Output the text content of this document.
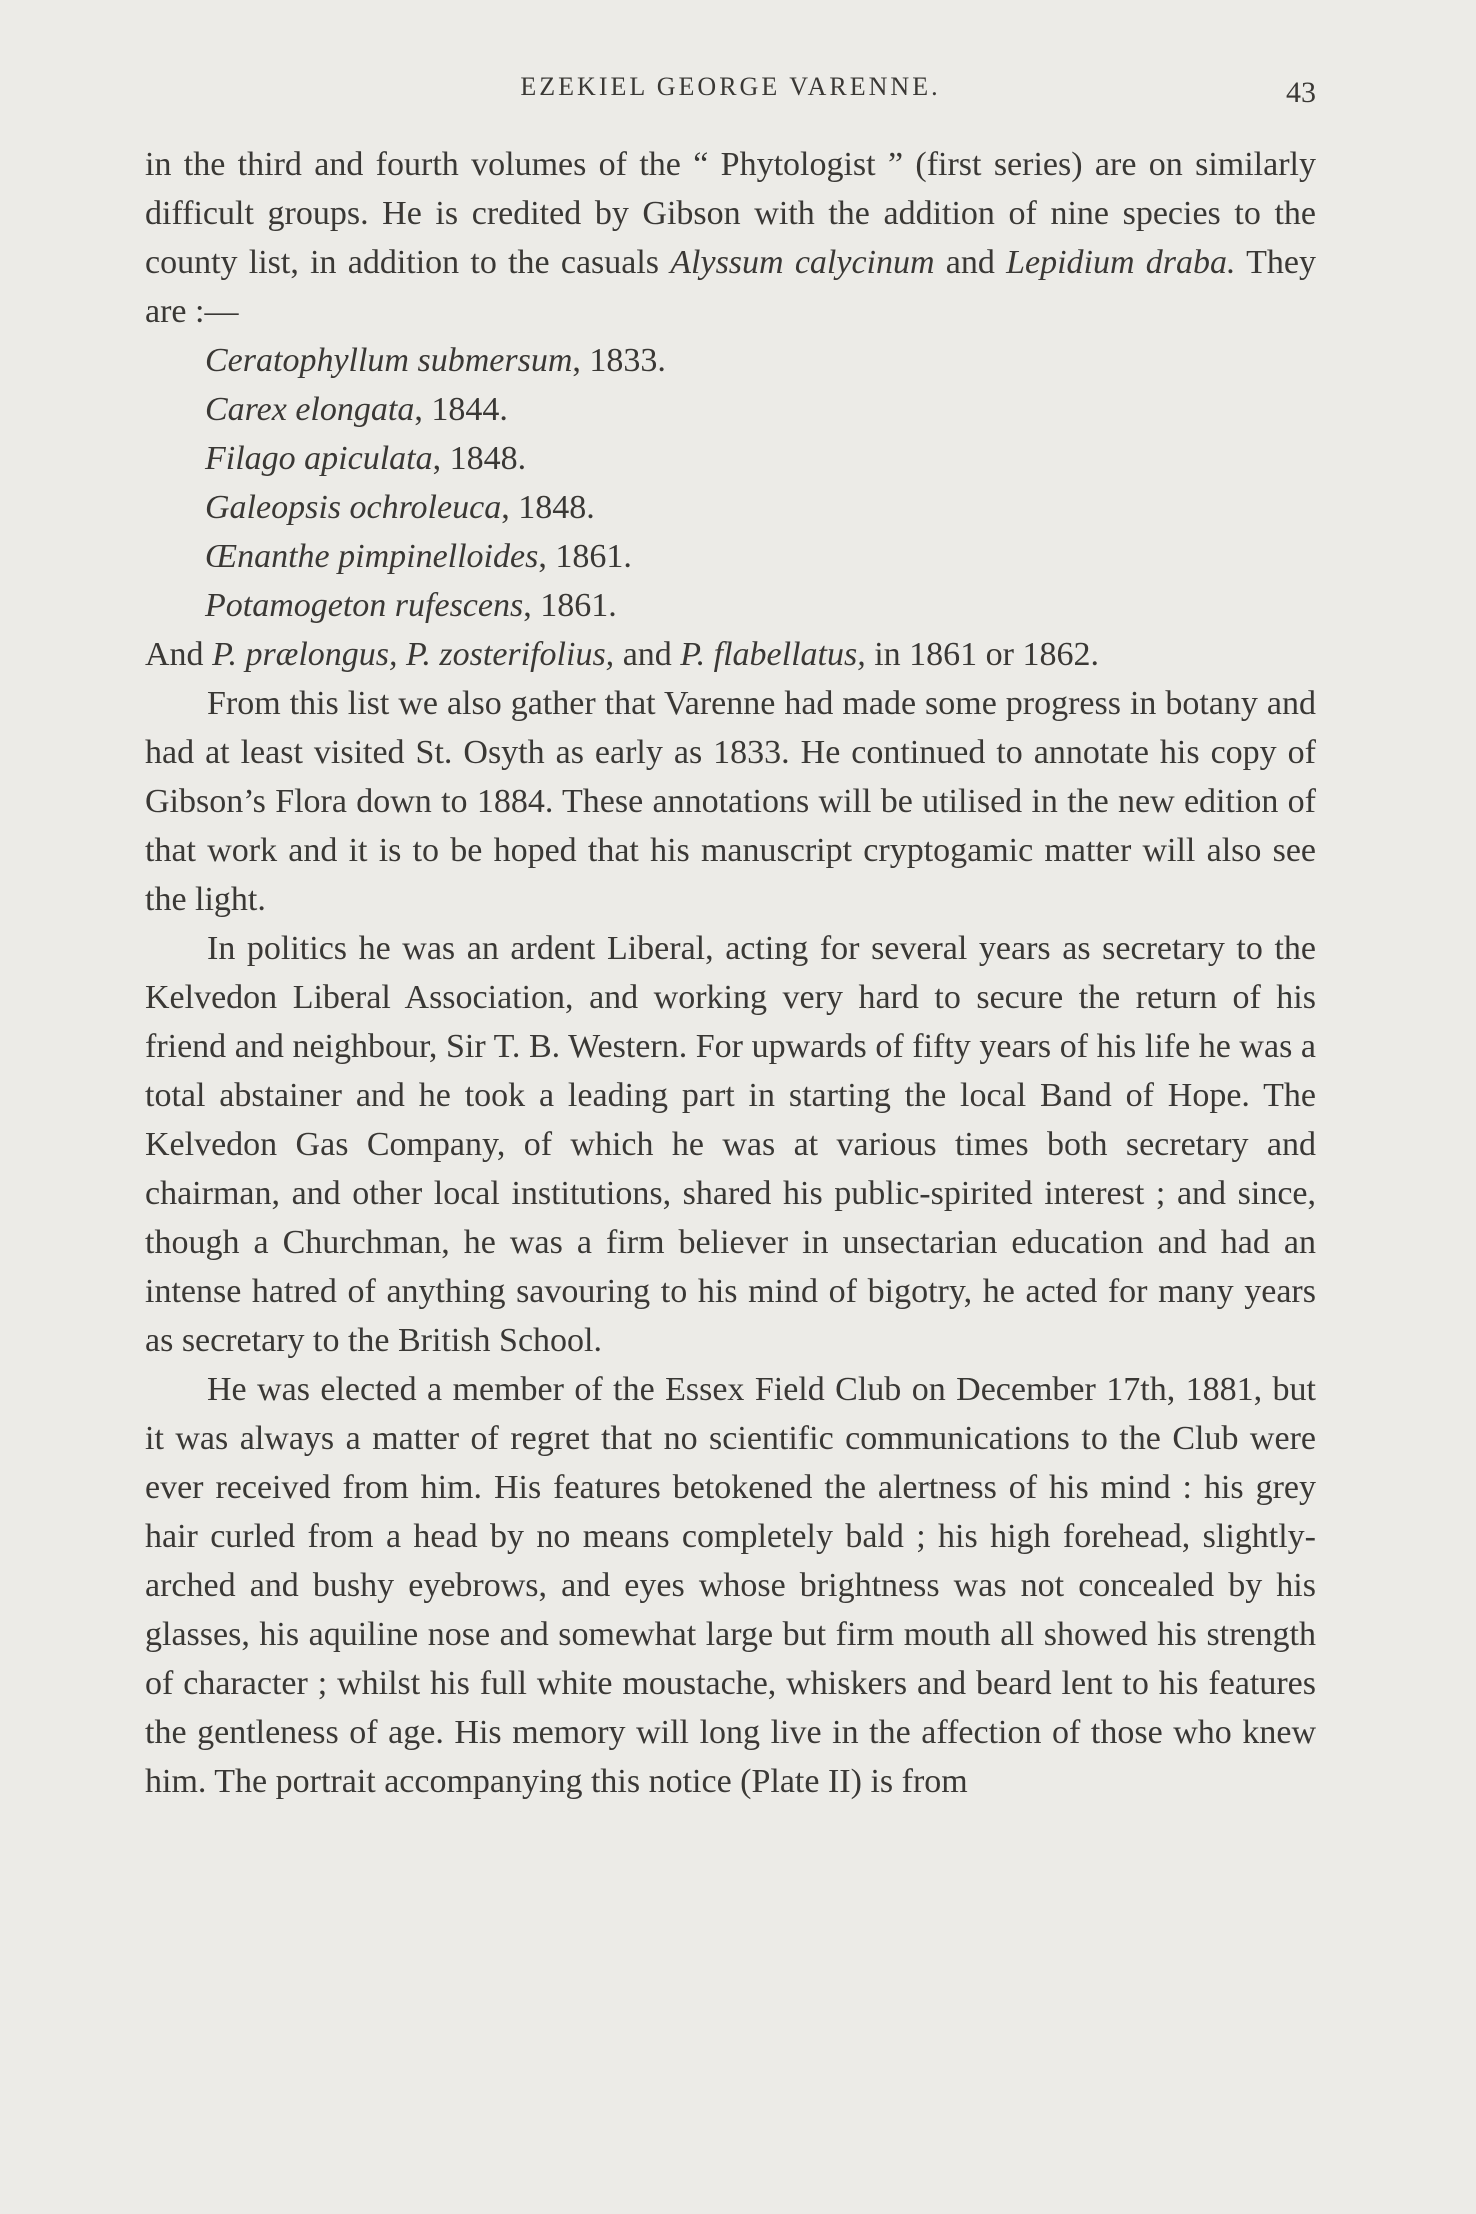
EZEKIEL GEORGE VARENNE.	43

in the third and fourth volumes of the “ Phytologist ” (first series) are on similarly difficult groups. He is credited by Gibson with the addition of nine species to the county list, in addition to the casuals Alyssum calycinum and Lepidium draba. They are :—

Ceratophyllum submersum, 1833.
Carex elongata, 1844.
Filago apiculata, 1848.
Galeopsis ochroleuca, 1848.
Œnanthe pimpinelloides, 1861.
Potamogeton rufescens, 1861.

And P. prælongus, P. zosterifolius, and P. flabellatus, in 1861 or 1862.

From this list we also gather that Varenne had made some progress in botany and had at least visited St. Osyth as early as 1833. He continued to annotate his copy of Gibson’s Flora down to 1884. These annotations will be utilised in the new edition of that work and it is to be hoped that his manuscript cryptogamic matter will also see the light.

In politics he was an ardent Liberal, acting for several years as secretary to the Kelvedon Liberal Association, and working very hard to secure the return of his friend and neighbour, Sir T. B. Western. For upwards of fifty years of his life he was a total abstainer and he took a leading part in starting the local Band of Hope. The Kelvedon Gas Company, of which he was at various times both secretary and chairman, and other local institutions, shared his public-spirited interest ; and since, though a Churchman, he was a firm believer in unsectarian education and had an intense hatred of anything savouring to his mind of bigotry, he acted for many years as secretary to the British School.

He was elected a member of the Essex Field Club on December 17th, 1881, but it was always a matter of regret that no scientific communications to the Club were ever received from him. His features betokened the alertness of his mind : his grey hair curled from a head by no means completely bald ; his high forehead, slightly-arched and bushy eyebrows, and eyes whose brightness was not concealed by his glasses, his aquiline nose and somewhat large but firm mouth all showed his strength of character ; whilst his full white moustache, whiskers and beard lent to his features the gentleness of age. His memory will long live in the affection of those who knew him. The portrait accompanying this notice (Plate II) is from
